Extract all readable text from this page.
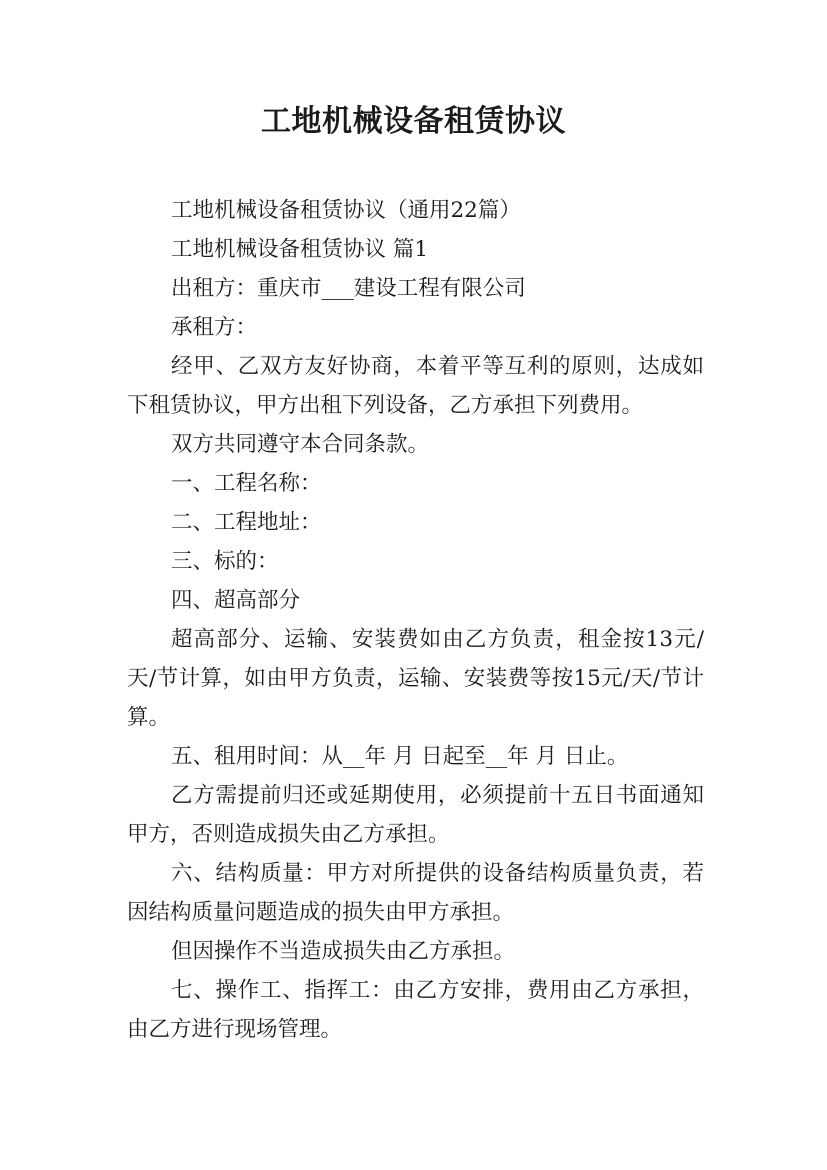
工地机械设备租赁协议

工地机械设备租赁协议（通用22篇）

工地机械设备租赁协议 篇1

出租方：重庆市___建设工程有限公司

承租方：

经甲、乙双方友好协商，本着平等互利的原则，达成如下租赁协议，甲方出租下列设备，乙方承担下列费用。

双方共同遵守本合同条款。

一、工程名称：

二、工程地址：

三、标的：

四、超高部分

超高部分、运输、安装费如由乙方负责，租金按13元/天/节计算，如由甲方负责，运输、安装费等按15元/天/节计算。

五、租用时间：从__年 月 日起至__年 月 日止。

乙方需提前归还或延期使用，必须提前十五日书面通知甲方，否则造成损失由乙方承担。

六、结构质量：甲方对所提供的设备结构质量负责，若因结构质量问题造成的损失由甲方承担。

但因操作不当造成损失由乙方承担。

七、操作工、指挥工：由乙方安排，费用由乙方承担，由乙方进行现场管理。
